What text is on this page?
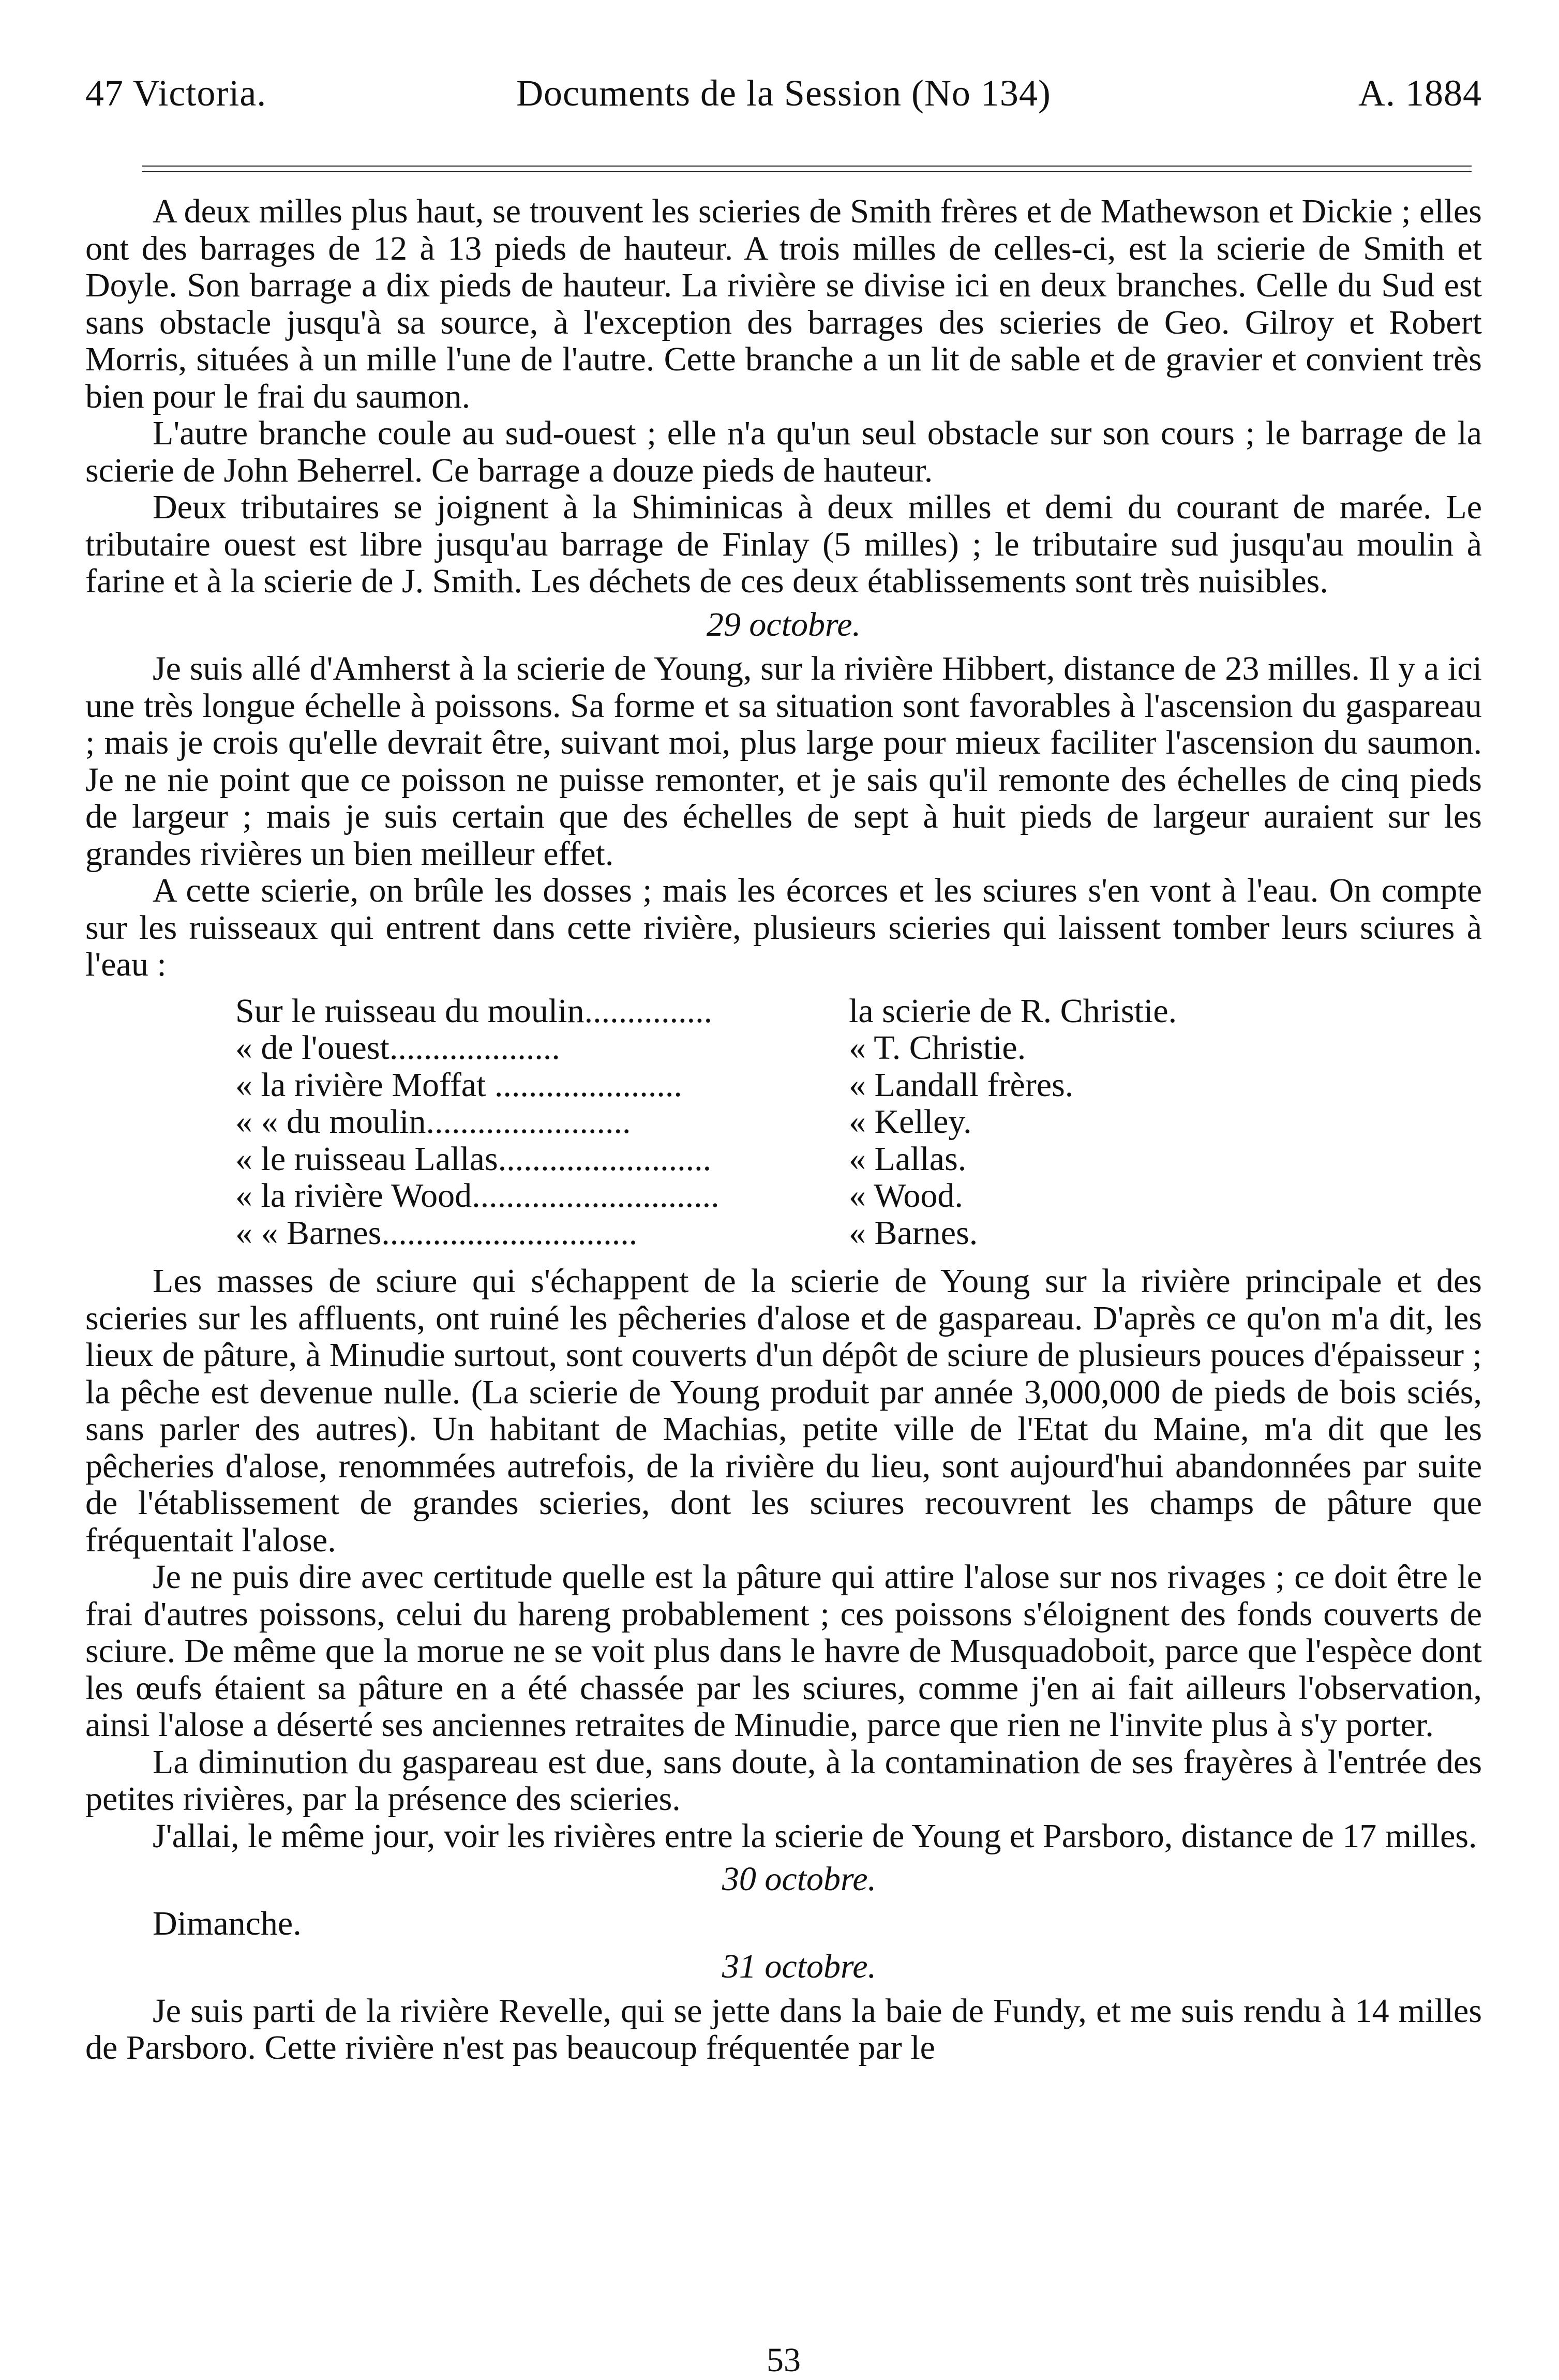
47 Victoria.	Documents de la Session (No 134)	A. 1884

A deux milles plus haut, se trouvent les scieries de Smith frères et de Mathewson et Dickie ; elles ont des barrages de 12 à 13 pieds de hauteur. A trois milles de celles-ci, est la scierie de Smith et Doyle. Son barrage a dix pieds de hauteur. La rivière se divise ici en deux branches. Celle du Sud est sans obstacle jusqu'à sa source, à l'exception des barrages des scieries de Geo. Gilroy et Robert Morris, situées à un mille l'une de l'autre. Cette branche a un lit de sable et de gravier et convient très bien pour le frai du saumon.

L'autre branche coule au sud-ouest ; elle n'a qu'un seul obstacle sur son cours ; le barrage de la scierie de John Beherrel. Ce barrage a douze pieds de hauteur.

Deux tributaires se joignent à la Shiminicas à deux milles et demi du courant de marée. Le tributaire ouest est libre jusqu'au barrage de Finlay (5 milles) ; le tributaire sud jusqu'au moulin à farine et à la scierie de J. Smith. Les déchets de ces deux établissements sont très nuisibles.

29 octobre.

Je suis allé d'Amherst à la scierie de Young, sur la rivière Hibbert, distance de 23 milles. Il y a ici une très longue échelle à poissons. Sa forme et sa situation sont favorables à l'ascension du gaspareau ; mais je crois qu'elle devrait être, suivant moi, plus large pour mieux faciliter l'ascension du saumon. Je ne nie point que ce poisson ne puisse remonter, et je sais qu'il remonte des échelles de cinq pieds de largeur ; mais je suis certain que des échelles de sept à huit pieds de largeur auraient sur les grandes rivières un bien meilleur effet.

A cette scierie, on brûle les dosses ; mais les écorces et les sciures s'en vont à l'eau. On compte sur les ruisseaux qui entrent dans cette rivière, plusieurs scieries qui laissent tomber leurs sciures à l'eau :

Sur le ruisseau du moulin...............	la scierie de R. Christie.
« de l'ouest....................	« T. Christie.
« la rivière Moffat ......................	« Landall frères.
« « du moulin........................	« Kelley.
« le ruisseau Lallas.........................	« Lallas.
« la rivière Wood.............................	« Wood.
« « Barnes..............................	« Barnes.

Les masses de sciure qui s'échappent de la scierie de Young sur la rivière principale et des scieries sur les affluents, ont ruiné les pêcheries d'alose et de gaspareau. D'après ce qu'on m'a dit, les lieux de pâture, à Minudie surtout, sont couverts d'un dépôt de sciure de plusieurs pouces d'épaisseur ; la pêche est devenue nulle. (La scierie de Young produit par année 3,000,000 de pieds de bois sciés, sans parler des autres). Un habitant de Machias, petite ville de l'Etat du Maine, m'a dit que les pêcheries d'alose, renommées autrefois, de la rivière du lieu, sont aujourd'hui abandonnées par suite de l'établissement de grandes scieries, dont les sciures recouvrent les champs de pâture que fréquentait l'alose.

Je ne puis dire avec certitude quelle est la pâture qui attire l'alose sur nos rivages ; ce doit être le frai d'autres poissons, celui du hareng probablement ; ces poissons s'éloignent des fonds couverts de sciure. De même que la morue ne se voit plus dans le havre de Musquadoboit, parce que l'espèce dont les œufs étaient sa pâture en a été chassée par les sciures, comme j'en ai fait ailleurs l'observation, ainsi l'alose a déserté ses anciennes retraites de Minudie, parce que rien ne l'invite plus à s'y porter.

La diminution du gaspareau est due, sans doute, à la contamination de ses frayères à l'entrée des petites rivières, par la présence des scieries.

J'allai, le même jour, voir les rivières entre la scierie de Young et Parsboro, distance de 17 milles.

30 octobre.

Dimanche.

31 octobre.

Je suis parti de la rivière Revelle, qui se jette dans la baie de Fundy, et me suis rendu à 14 milles de Parsboro. Cette rivière n'est pas beaucoup fréquentée par le

53
